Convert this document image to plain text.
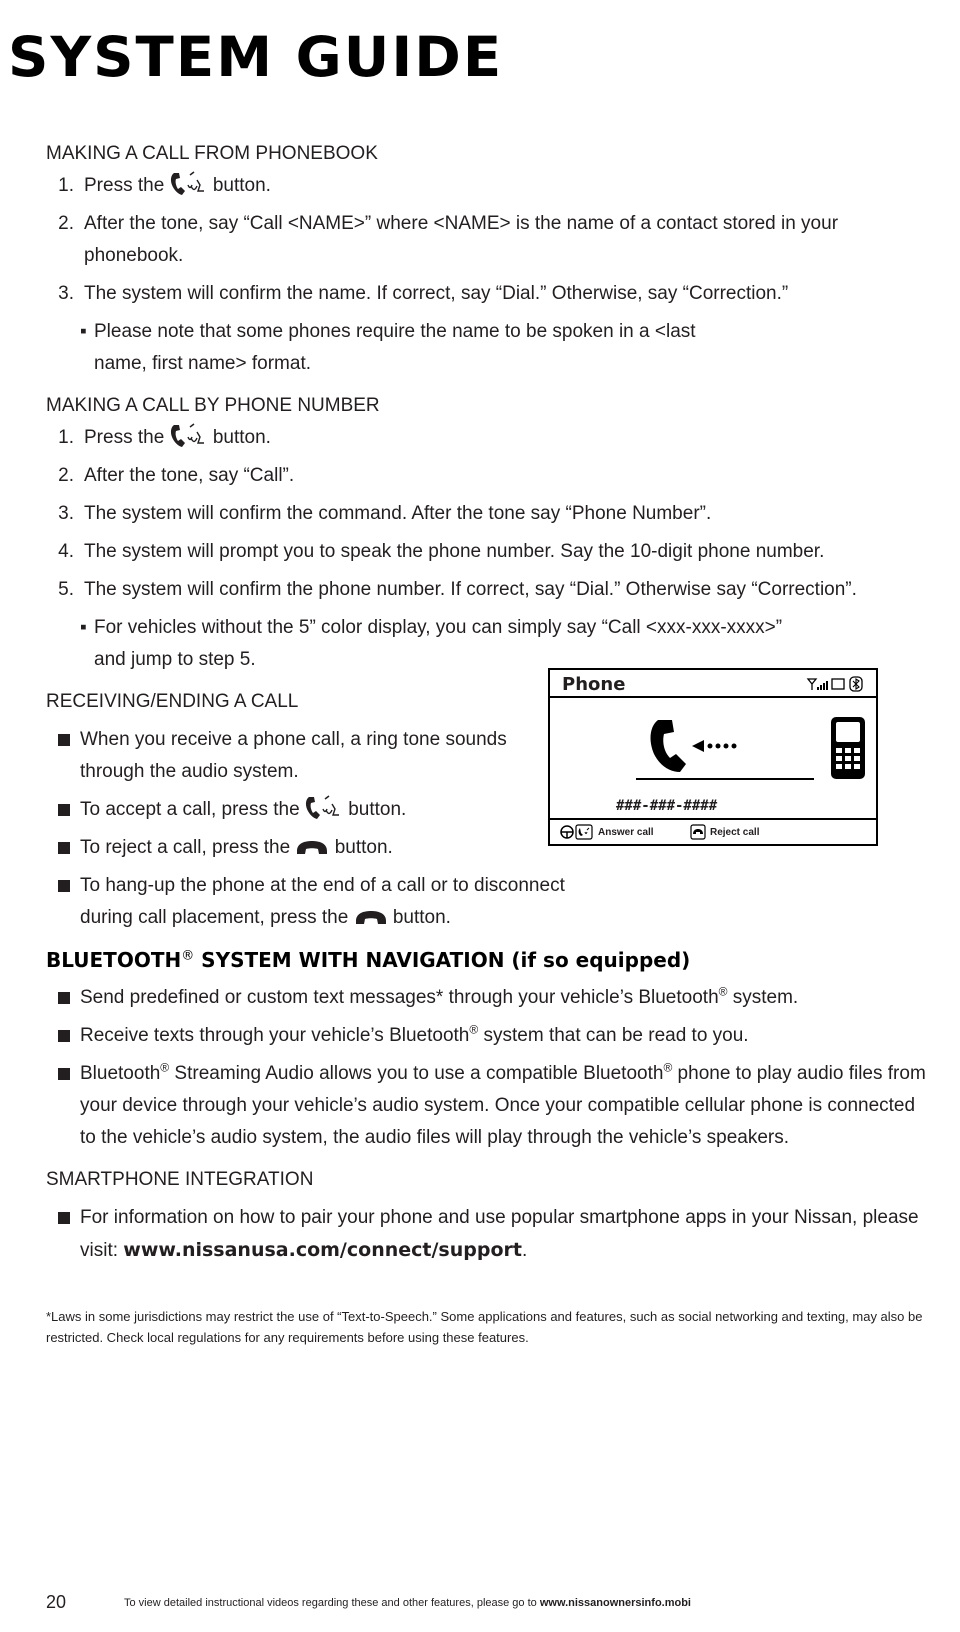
SYSTEM GUIDE
MAKING A CALL FROM PHONEBOOK
1. Press the  button.
2. After the tone, say “Call <NAME>” where <NAME> is the name of a contact stored in your phonebook.
3. The system will confirm the name. If correct, say “Dial.” Otherwise, say “Correction.”
▪ Please note that some phones require the name to be spoken in a <last name, first name> format.
MAKING A CALL BY PHONE NUMBER
1. Press the  button.
2. After the tone, say “Call”.
3. The system will confirm the command. After the tone say “Phone Number”.
4. The system will prompt you to speak the phone number. Say the 10-digit phone number.
5. The system will confirm the phone number. If correct, say “Dial.” Otherwise say “Correction”.
▪ For vehicles without the 5” color display, you can simply say “Call <xxx-xxx-xxxx>” and jump to step 5.
RECEIVING/ENDING A CALL
When you receive a phone call, a ring tone sounds through the audio system.
To accept a call, press the  button.
To reject a call, press the  button.
To hang-up the phone at the end of a call or to disconnect during call placement, press the  button.
BLUETOOTH® SYSTEM WITH NAVIGATION (if so equipped)
Send predefined or custom text messages* through your vehicle’s Bluetooth® system.
Receive texts through your vehicle’s Bluetooth® system that can be read to you.
Bluetooth® Streaming Audio allows you to use a compatible Bluetooth® phone to play audio files from your device through your vehicle’s audio system. Once your compatible cellular phone is connected to the vehicle’s audio system, the audio files will play through the vehicle’s speakers.
SMARTPHONE INTEGRATION
For information on how to pair your phone and use popular smartphone apps in your Nissan, please visit: www.nissanusa.com/connect/support.
Phone
###-###-####
Answer call	Reject call
*Laws in some jurisdictions may restrict the use of “Text-to-Speech.” Some applications and features, such as social networking and texting, may also be restricted. Check local regulations for any requirements before using these features.
20	To view detailed instructional videos regarding these and other features, please go to www.nissanownersinfo.mobi
